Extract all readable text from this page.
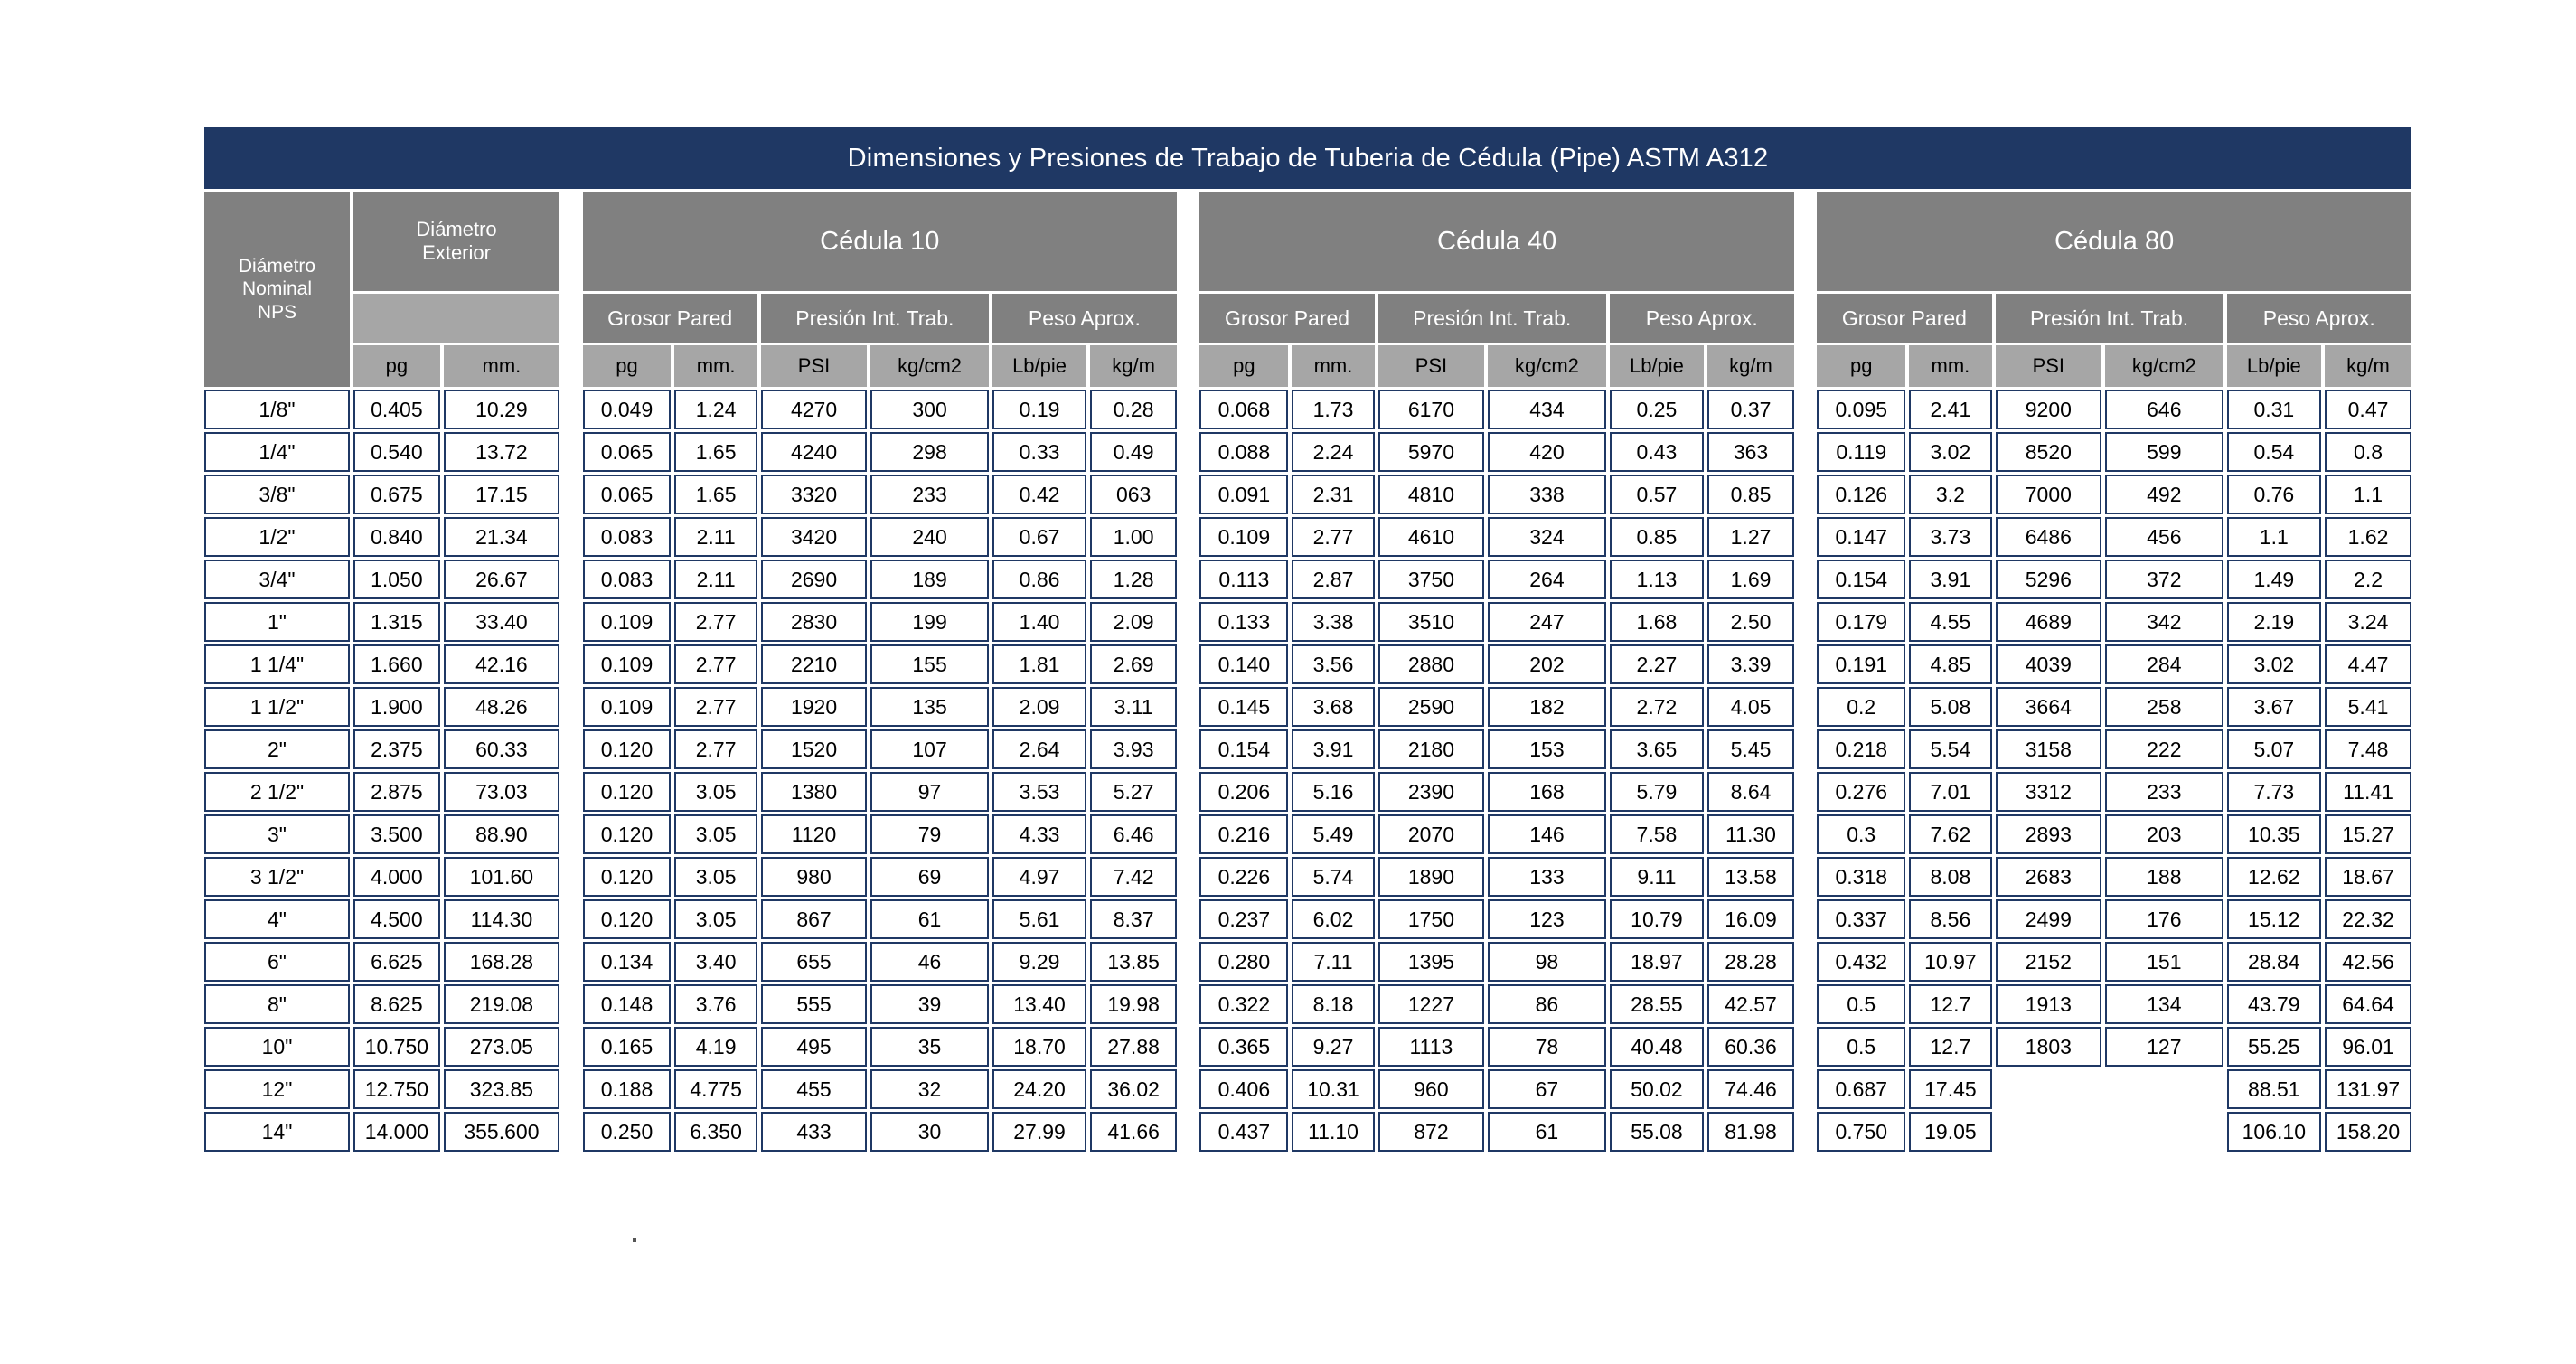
Dimensiones y Presiones de Trabajo de Tuberia de Cédula (Pipe) ASTM A312																							

Diámetro
Nominal
NPS

Diámetro
Exterior		Cédula 10		Cédula 40		Cédula 80
				Grosor Pared		Presión Int. Trab.		Peso Aprox.			Grosor Pared		Presión Int. Trab.		Peso Aprox.			Grosor Pared		Presión Int. Trab.		Peso Aprox.	
	pg	mm.		pg	mm.	PSI	kg/cm2	Lb/pie	kg/m		pg	mm.	PSI	kg/cm2	Lb/pie	kg/m		pg	mm.	PSI	kg/cm2	Lb/pie	kg/m
1/8"	0.405	10.29		0.049	1.24	4270	300	0.19	0.28		0.068	1.73	6170	434	0.25	0.37		0.095	2.41	9200	646	0.31	0.47
1/4"	0.540	13.72		0.065	1.65	4240	298	0.33	0.49		0.088	2.24	5970	420	0.43	363		0.119	3.02	8520	599	0.54	0.8
3/8"	0.675	17.15		0.065	1.65	3320	233	0.42	063		0.091	2.31	4810	338	0.57	0.85		0.126	3.2	7000	492	0.76	1.1
1/2"	0.840	21.34		0.083	2.11	3420	240	0.67	1.00		0.109	2.77	4610	324	0.85	1.27		0.147	3.73	6486	456	1.1	1.62
3/4"	1.050	26.67		0.083	2.11	2690	189	0.86	1.28		0.113	2.87	3750	264	1.13	1.69		0.154	3.91	5296	372	1.49	2.2
1"	1.315	33.40		0.109	2.77	2830	199	1.40	2.09		0.133	3.38	3510	247	1.68	2.50		0.179	4.55	4689	342	2.19	3.24
1 1/4"	1.660	42.16		0.109	2.77	2210	155	1.81	2.69		0.140	3.56	2880	202	2.27	3.39		0.191	4.85	4039	284	3.02	4.47
1 1/2"	1.900	48.26		0.109	2.77	1920	135	2.09	3.11		0.145	3.68	2590	182	2.72	4.05		0.2	5.08	3664	258	3.67	5.41
2"	2.375	60.33		0.120	2.77	1520	107	2.64	3.93		0.154	3.91	2180	153	3.65	5.45		0.218	5.54	3158	222	5.07	7.48
2 1/2"	2.875	73.03		0.120	3.05	1380	97	3.53	5.27		0.206	5.16	2390	168	5.79	8.64		0.276	7.01	3312	233	7.73	11.41
3"	3.500	88.90		0.120	3.05	1120	79	4.33	6.46		0.216	5.49	2070	146	7.58	11.30		0.3	7.62	2893	203	10.35	15.27
3 1/2"	4.000	101.60		0.120	3.05	980	69	4.97	7.42		0.226	5.74	1890	133	9.11	13.58		0.318	8.08	2683	188	12.62	18.67
4"	4.500	114.30		0.120	3.05	867	61	5.61	8.37		0.237	6.02	1750	123	10.79	16.09		0.337	8.56	2499	176	15.12	22.32
6"	6.625	168.28		0.134	3.40	655	46	9.29	13.85		0.280	7.11	1395	98	18.97	28.28		0.432	10.97	2152	151	28.84	42.56
8"	8.625	219.08		0.148	3.76	555	39	13.40	19.98		0.322	8.18	1227	86	28.55	42.57		0.5	12.7	1913	134	43.79	64.64
10"	10.750	273.05		0.165	4.19	495	35	18.70	27.88		0.365	9.27	1113	78	40.48	60.36		0.5	12.7	1803	127	55.25	96.01
12"	12.750	323.85		0.188	4.775	455	32	24.20	36.02		0.406	10.31	960	67	50.02	74.46		0.687	17.45			88.51	131.97
14"	14.000	355.600		0.250	6.350	433	30	27.99	41.66		0.437	11.10	872	61	55.08	81.98		0.750	19.05			106.10	158.20
